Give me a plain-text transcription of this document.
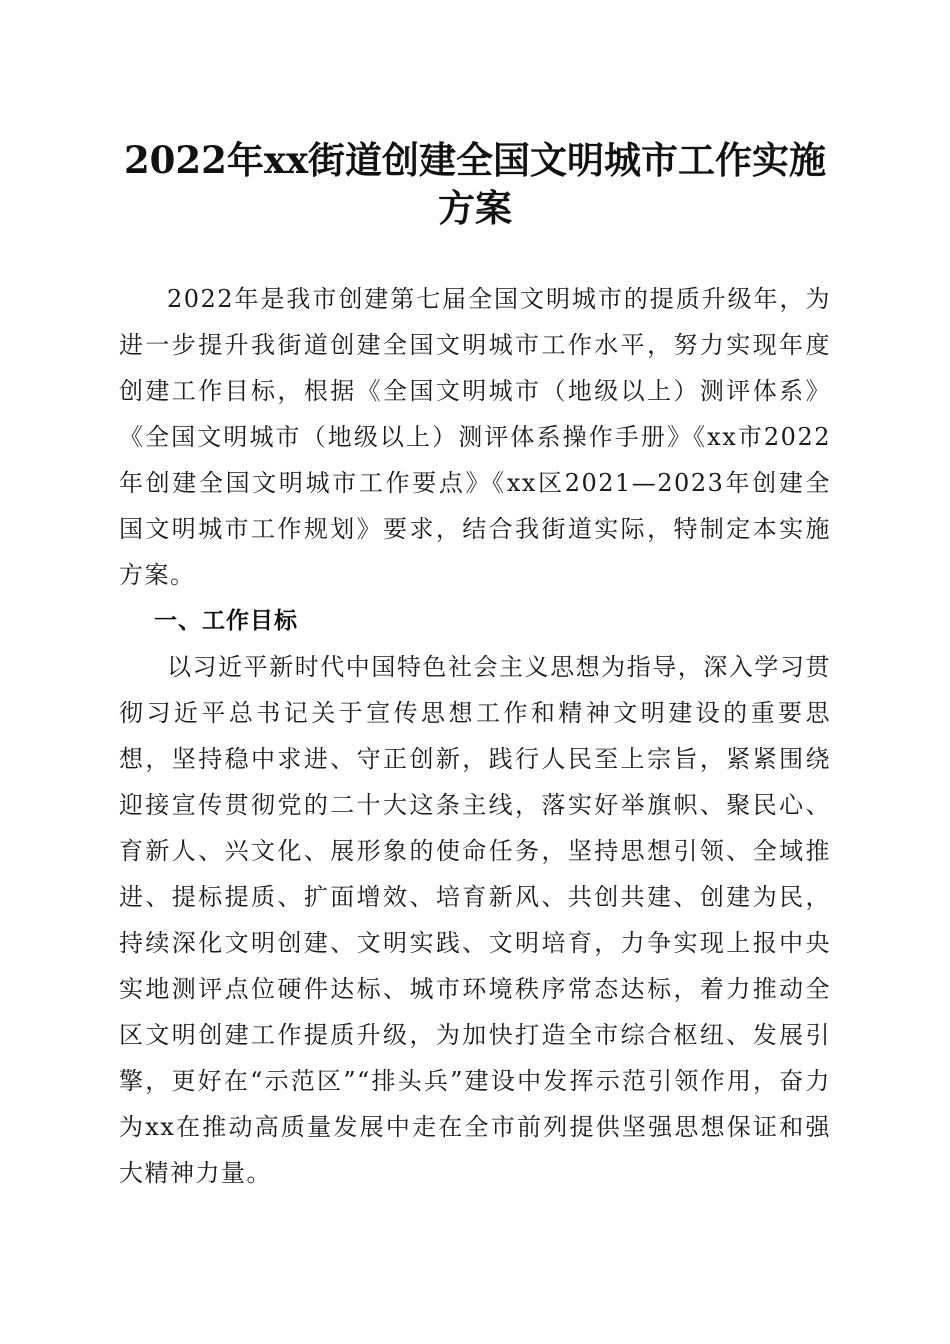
2022年xx街道创建全国文明城市工作实施方案

2022年是我市创建第七届全国文明城市的提质升级年，为进一步提升我街道创建全国文明城市工作水平，努力实现年度创建工作目标，根据《全国文明城市（地级以上）测评体系》《全国文明城市（地级以上）测评体系操作手册》《xx市2022年创建全国文明城市工作要点》《xx区2021—2023年创建全国文明城市工作规划》要求，结合我街道实际，特制定本实施方案。

一、工作目标

以习近平新时代中国特色社会主义思想为指导，深入学习贯彻习近平总书记关于宣传思想工作和精神文明建设的重要思想，坚持稳中求进、守正创新，践行人民至上宗旨，紧紧围绕迎接宣传贯彻党的二十大这条主线，落实好举旗帜、聚民心、育新人、兴文化、展形象的使命任务，坚持思想引领、全域推进、提标提质、扩面增效、培育新风、共创共建、创建为民，持续深化文明创建、文明实践、文明培育，力争实现上报中央实地测评点位硬件达标、城市环境秩序常态达标，着力推动全区文明创建工作提质升级，为加快打造全市综合枢纽、发展引擎，更好在“示范区”“排头兵”建设中发挥示范引领作用，奋力为xx在推动高质量发展中走在全市前列提供坚强思想保证和强大精神力量。
